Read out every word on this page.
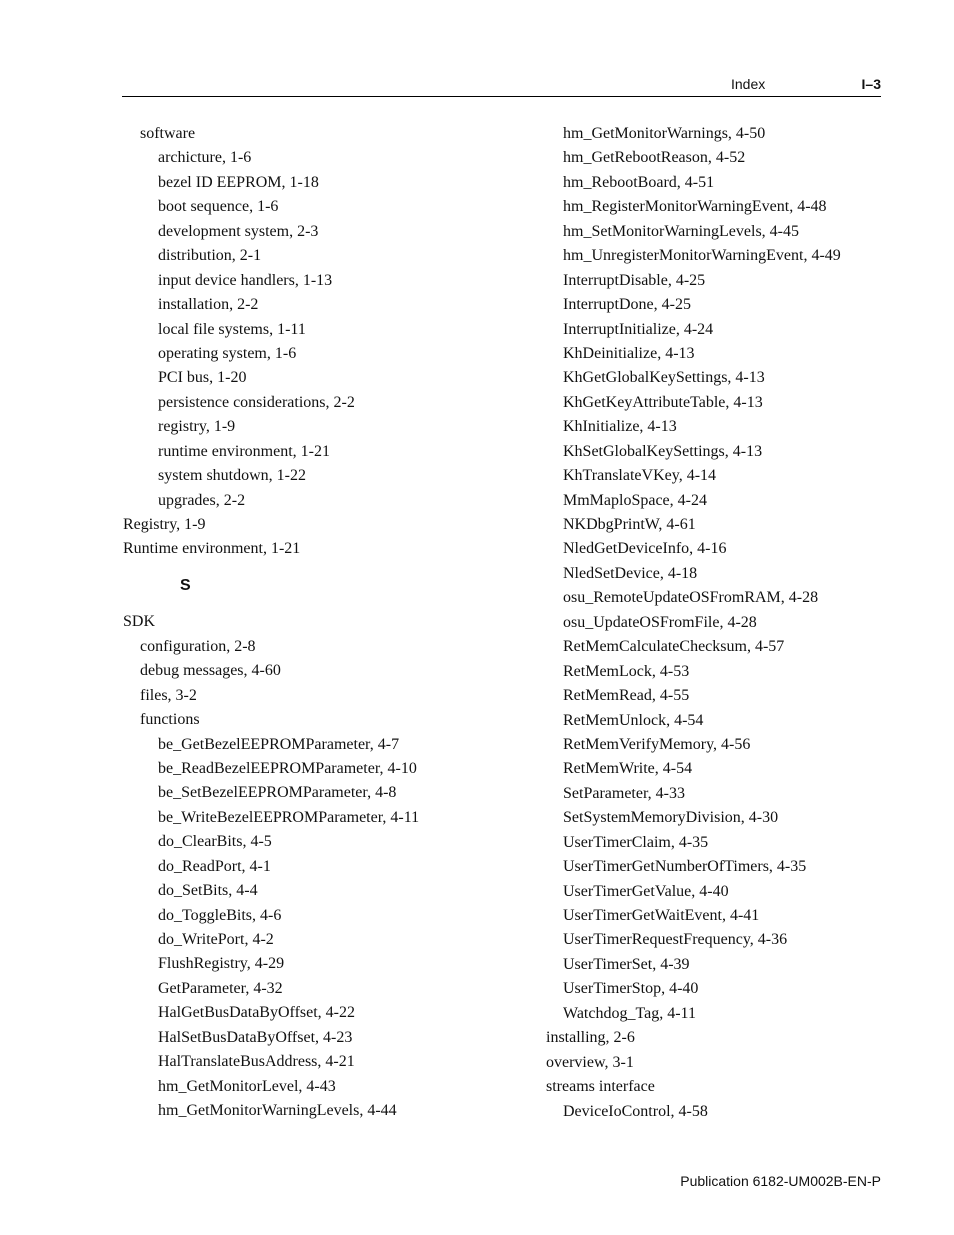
Index	I–3
software
archicture, 1-6
bezel ID EEPROM, 1-18
boot sequence, 1-6
development system, 2-3
distribution, 2-1
input device handlers, 1-13
installation, 2-2
local file systems, 1-11
operating system, 1-6
PCI bus, 1-20
persistence considerations, 2-2
registry, 1-9
runtime environment, 1-21
system shutdown, 1-22
upgrades, 2-2
Registry, 1-9
Runtime environment, 1-21
S
SDK
configuration, 2-8
debug messages, 4-60
files, 3-2
functions
be_GetBezelEEPROMParameter, 4-7
be_ReadBezelEEPROMParameter, 4-10
be_SetBezelEEPROMParameter, 4-8
be_WriteBezelEEPROMParameter, 4-11
do_ClearBits, 4-5
do_ReadPort, 4-1
do_SetBits, 4-4
do_ToggleBits, 4-6
do_WritePort, 4-2
FlushRegistry, 4-29
GetParameter, 4-32
HalGetBusDataByOffset, 4-22
HalSetBusDataByOffset, 4-23
HalTranslateBusAddress, 4-21
hm_GetMonitorLevel, 4-43
hm_GetMonitorWarningLevels, 4-44
hm_GetMonitorWarnings, 4-50
hm_GetRebootReason, 4-52
hm_RebootBoard, 4-51
hm_RegisterMonitorWarningEvent, 4-48
hm_SetMonitorWarningLevels, 4-45
hm_UnregisterMonitorWarningEvent, 4-49
InterruptDisable, 4-25
InterruptDone, 4-25
InterruptInitialize, 4-24
KhDeinitialize, 4-13
KhGetGlobalKeySettings, 4-13
KhGetKeyAttributeTable, 4-13
KhInitialize, 4-13
KhSetGlobalKeySettings, 4-13
KhTranslateVKey, 4-14
MmMaploSpace, 4-24
NKDbgPrintW, 4-61
NledGetDeviceInfo, 4-16
NledSetDevice, 4-18
osu_RemoteUpdateOSFromRAM, 4-28
osu_UpdateOSFromFile, 4-28
RetMemCalculateChecksum, 4-57
RetMemLock, 4-53
RetMemRead, 4-55
RetMemUnlock, 4-54
RetMemVerifyMemory, 4-56
RetMemWrite, 4-54
SetParameter, 4-33
SetSystemMemoryDivision, 4-30
UserTimerClaim, 4-35
UserTimerGetNumberOfTimers, 4-35
UserTimerGetValue, 4-40
UserTimerGetWaitEvent, 4-41
UserTimerRequestFrequency, 4-36
UserTimerSet, 4-39
UserTimerStop, 4-40
Watchdog_Tag, 4-11
installing, 2-6
overview, 3-1
streams interface
DeviceIoControl, 4-58
Publication 6182-UM002B-EN-P
